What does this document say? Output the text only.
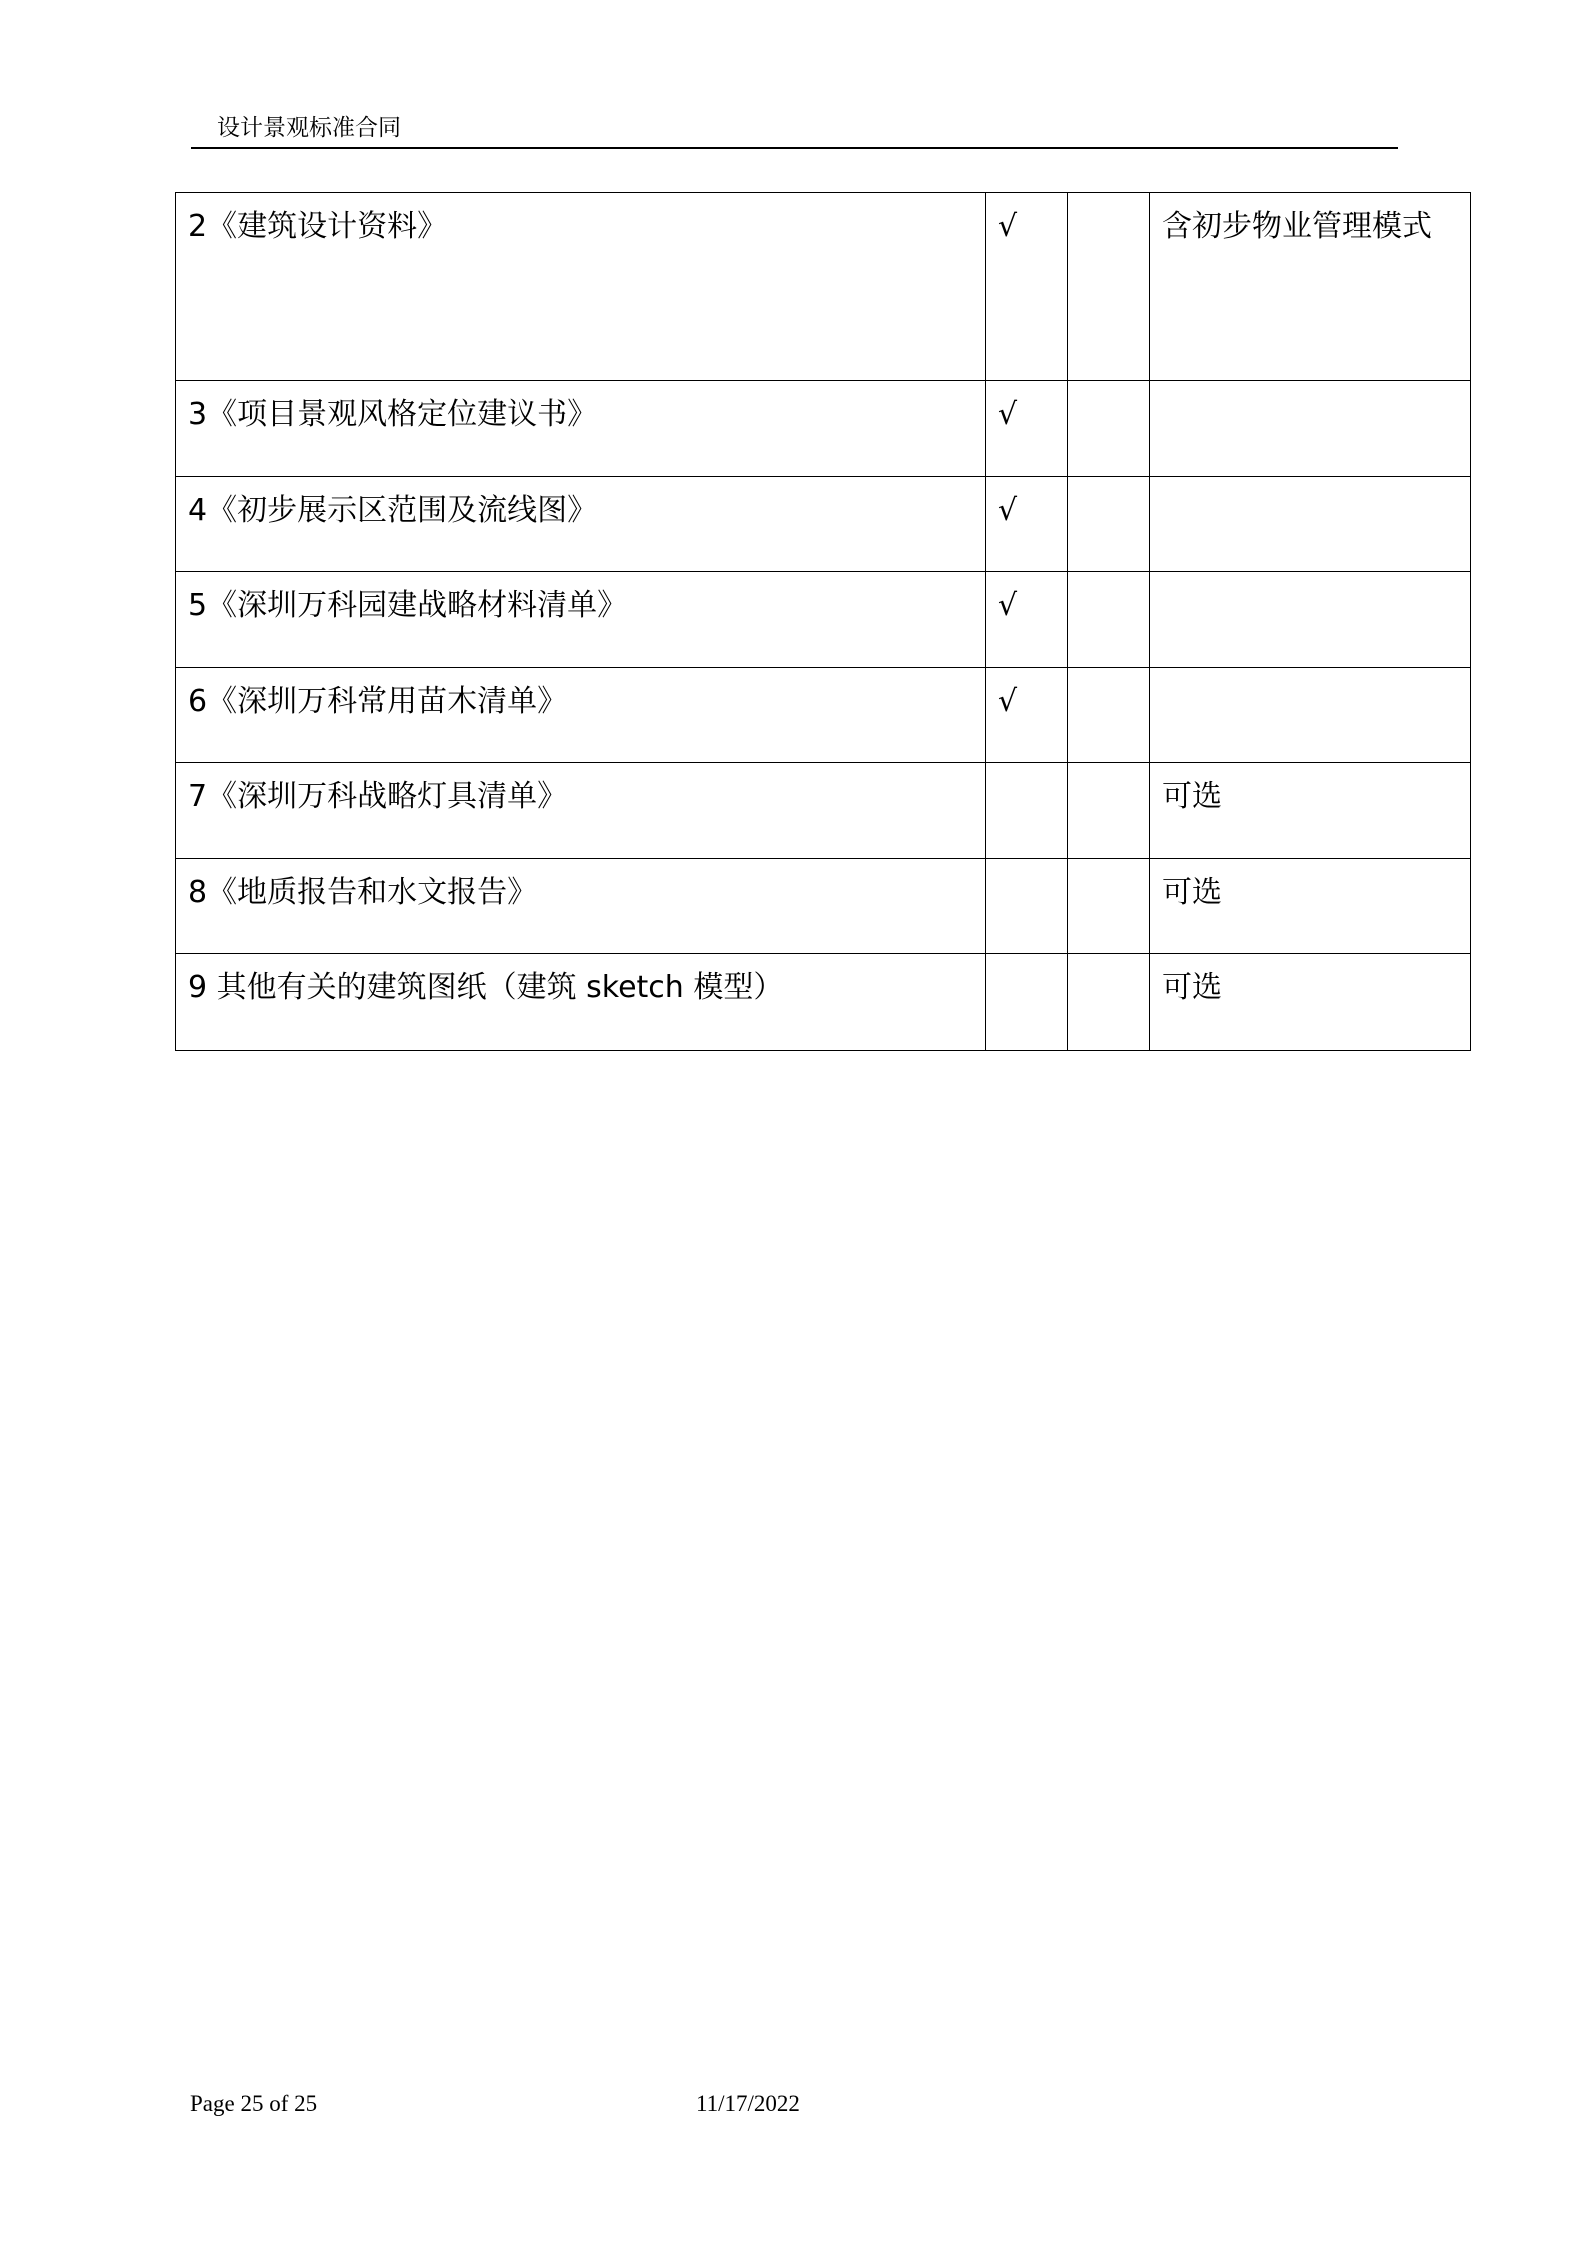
设计景观标准合同
2《建筑设计资料》	√		含初步物业管理模式
3《项目景观风格定位建议书》	√		
4《初步展示区范围及流线图》	√		
5《深圳万科园建战略材料清单》	√		
6《深圳万科常用苗木清单》	√		
7《深圳万科战略灯具清单》			可选
8《地质报告和水文报告》			可选
9 其他有关的建筑图纸（建筑 sketch 模型）			可选
Page 25 of 25	11/17/2022
